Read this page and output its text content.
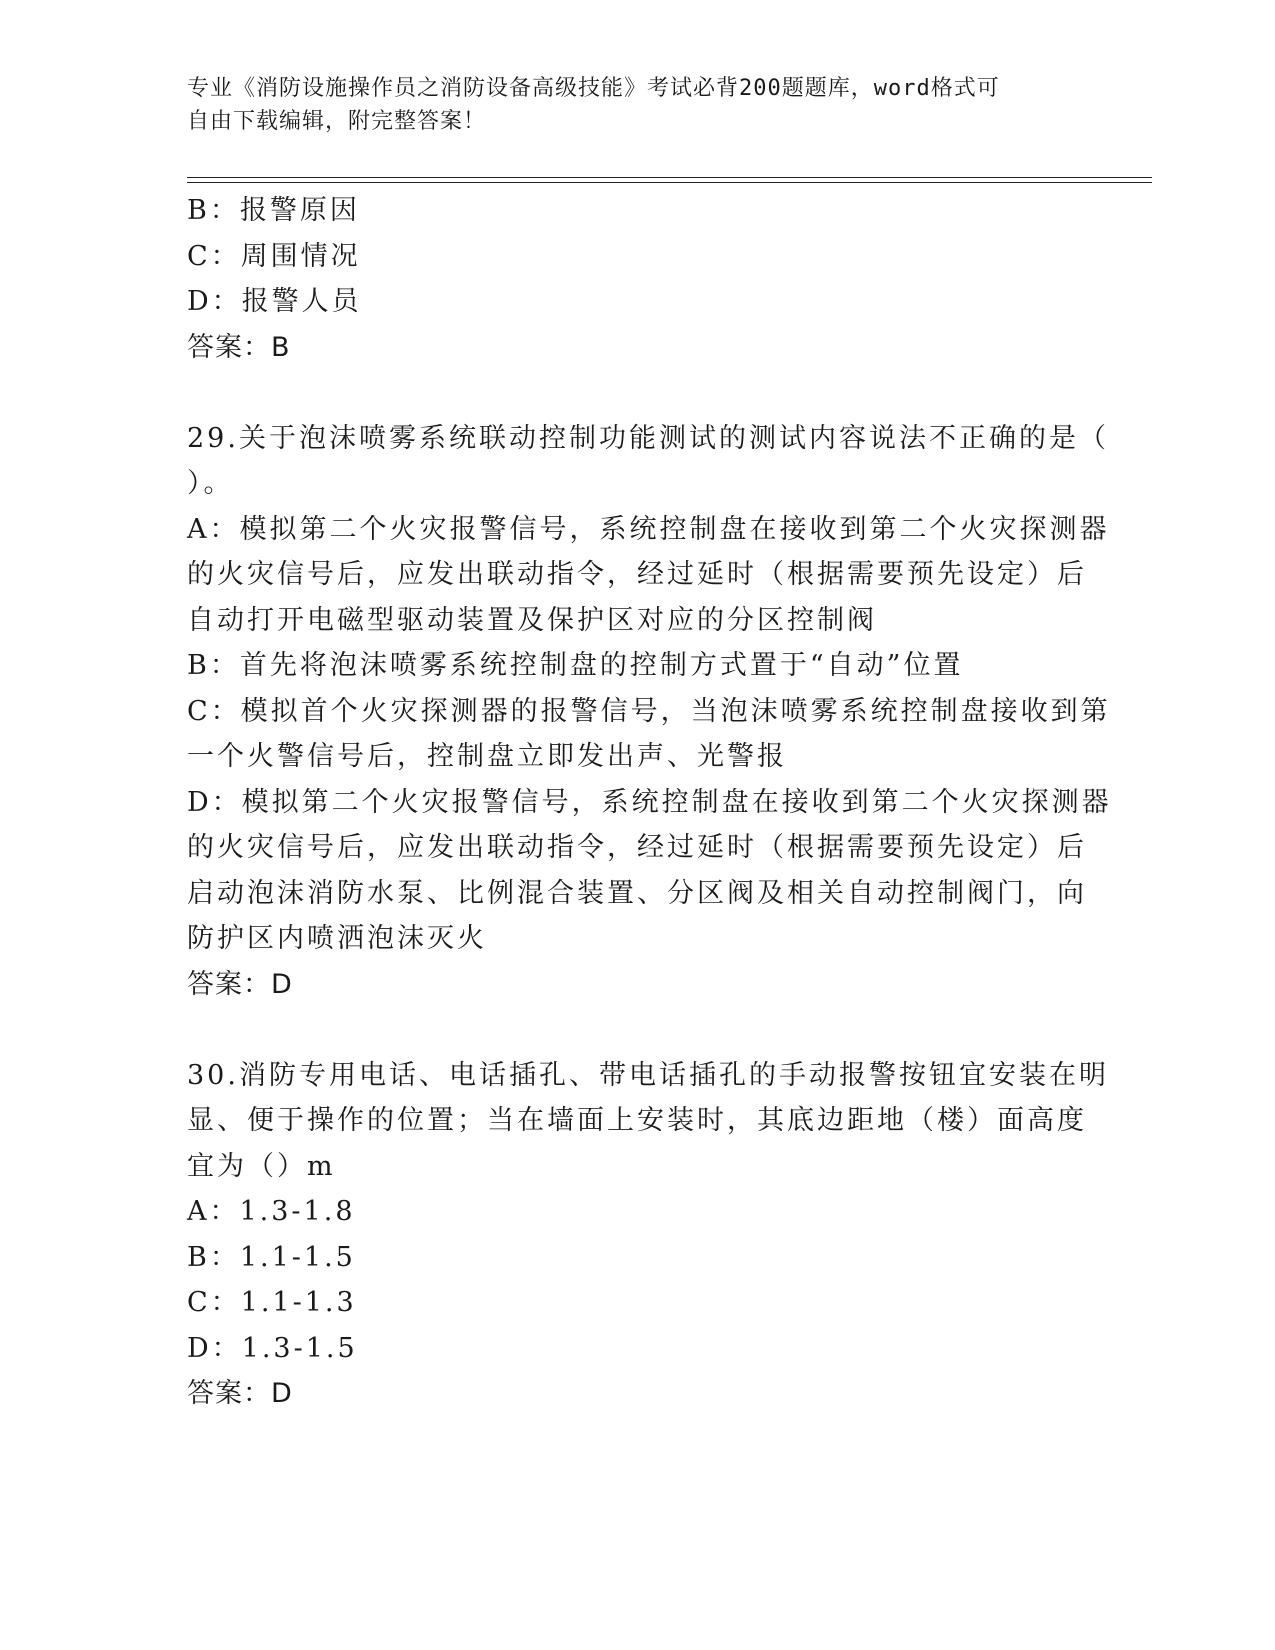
专业《消防设施操作员之消防设备高级技能》考试必背200题题库，word格式可
自由下载编辑，附完整答案！
B：报警原因
C：周围情况
D：报警人员
答案：B
29.关于泡沫喷雾系统联动控制功能测试的测试内容说法不正确的是（
）。
A：模拟第二个火灾报警信号，系统控制盘在接收到第二个火灾探测器
的火灾信号后，应发出联动指令，经过延时（根据需要预先设定）后
自动打开电磁型驱动装置及保护区对应的分区控制阀
B：首先将泡沫喷雾系统控制盘的控制方式置于“自动”位置
C：模拟首个火灾探测器的报警信号，当泡沫喷雾系统控制盘接收到第
一个火警信号后，控制盘立即发出声、光警报
D：模拟第二个火灾报警信号，系统控制盘在接收到第二个火灾探测器
的火灾信号后，应发出联动指令，经过延时（根据需要预先设定）后
启动泡沫消防水泵、比例混合装置、分区阀及相关自动控制阀门，向
防护区内喷洒泡沫灭火
答案：D
30.消防专用电话、电话插孔、带电话插孔的手动报警按钮宜安装在明
显、便于操作的位置；当在墙面上安装时，其底边距地（楼）面高度
宜为（）m
A：1.3-1.8
B：1.1-1.5
C：1.1-1.3
D：1.3-1.5
答案：D
